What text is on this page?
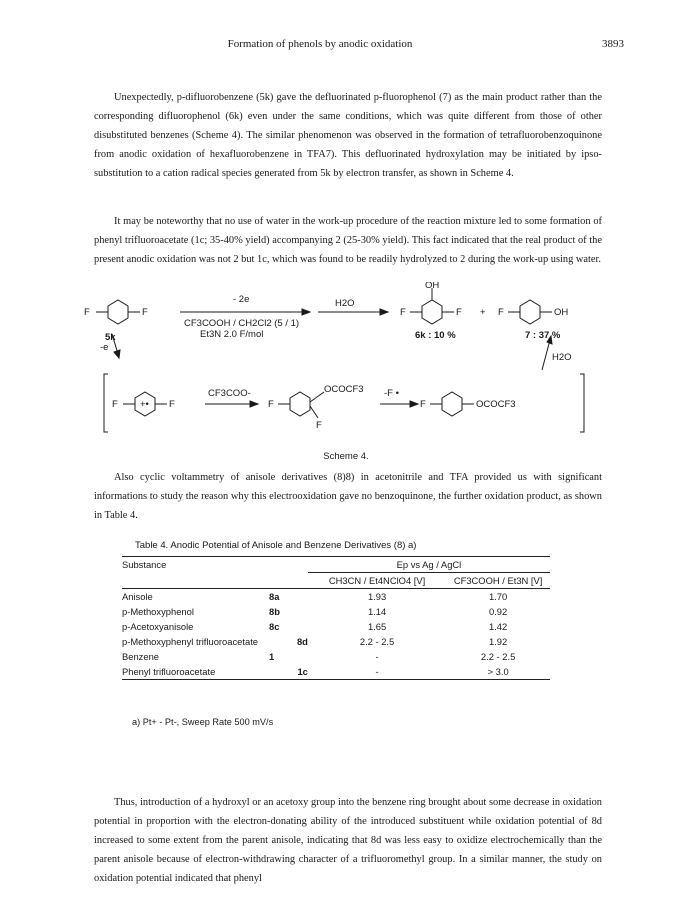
Formation of phenols by anodic oxidation	3893

Unexpectedly, p-difluorobenzene (5k) gave the defluorinated p-fluorophenol (7) as the main product rather than the corresponding difluorophenol (6k) even under the same conditions, which was quite different from those of other disubstituted benzenes (Scheme 4). The similar phenomenon was observed in the formation of tetrafluorobenzoquinone from anodic oxidation of hexafluorobenzene in TFA7). This defluorinated hydroxylation may be initiated by ipso-substitution to a cation radical species generated from 5k by electron transfer, as shown in Scheme 4.

It may be noteworthy that no use of water in the work-up procedure of the reaction mixture led to some formation of phenyl trifluoroacetate (1c; 35-40% yield) accompanying 2 (25-30% yield). This fact indicated that the real product of the present anodic oxidation was not 2 but 1c, which was found to be readily hydrolyzed to 2 during the work-up using water.

F	F
5k
- 2e
CF3COOH / CH2Cl2 (5 / 1)
Et3N 2.0 F/mol
H2O
OH
F	F + F	OH
6k : 10 %	7 : 37 %
H2O
-e
F +• F
CF3COO-
F
OCOCF3
F
-F •
F	OCOCF3
Scheme 4.

Also cyclic voltammetry of anisole derivatives (8)8) in acetonitrile and TFA provided us with significant informations to study the reason why this electrooxidation gave no benzoquinone, the further oxidation product, as shown in Table 4.

Table 4. Anodic Potential of Anisole and Benzene Derivatives (8) a)
Substance		Ep vs Ag / AgCl	
		CH3CN / Et4NClO4 [V]	CF3COOH / Et3N [V]
Anisole	8a	1.93	1.70
p-Methoxyphenol	8b	1.14	0.92
p-Acetoxyanisole	8c	1.65	1.42
p-Methoxyphenyl trifluoroacetate	8d	2.2 - 2.5	1.92
Benzene	1	-	2.2 - 2.5
Phenyl trifluoroacetate	1c	-	> 3.0
a) Pt+ - Pt-, Sweep Rate 500 mV/s

Thus, introduction of a hydroxyl or an acetoxy group into the benzene ring brought about some decrease in oxidation potential in proportion with the electron-donating ability of the introduced substituent while oxidation potential of 8d increased to some extent from the parent anisole, indicating that 8d was less easy to oxidize electrochemically than the parent anisole because of electron-withdrawing character of a trifluoromethyl group. In a similar manner, the study on oxidation potential indicated that phenyl
